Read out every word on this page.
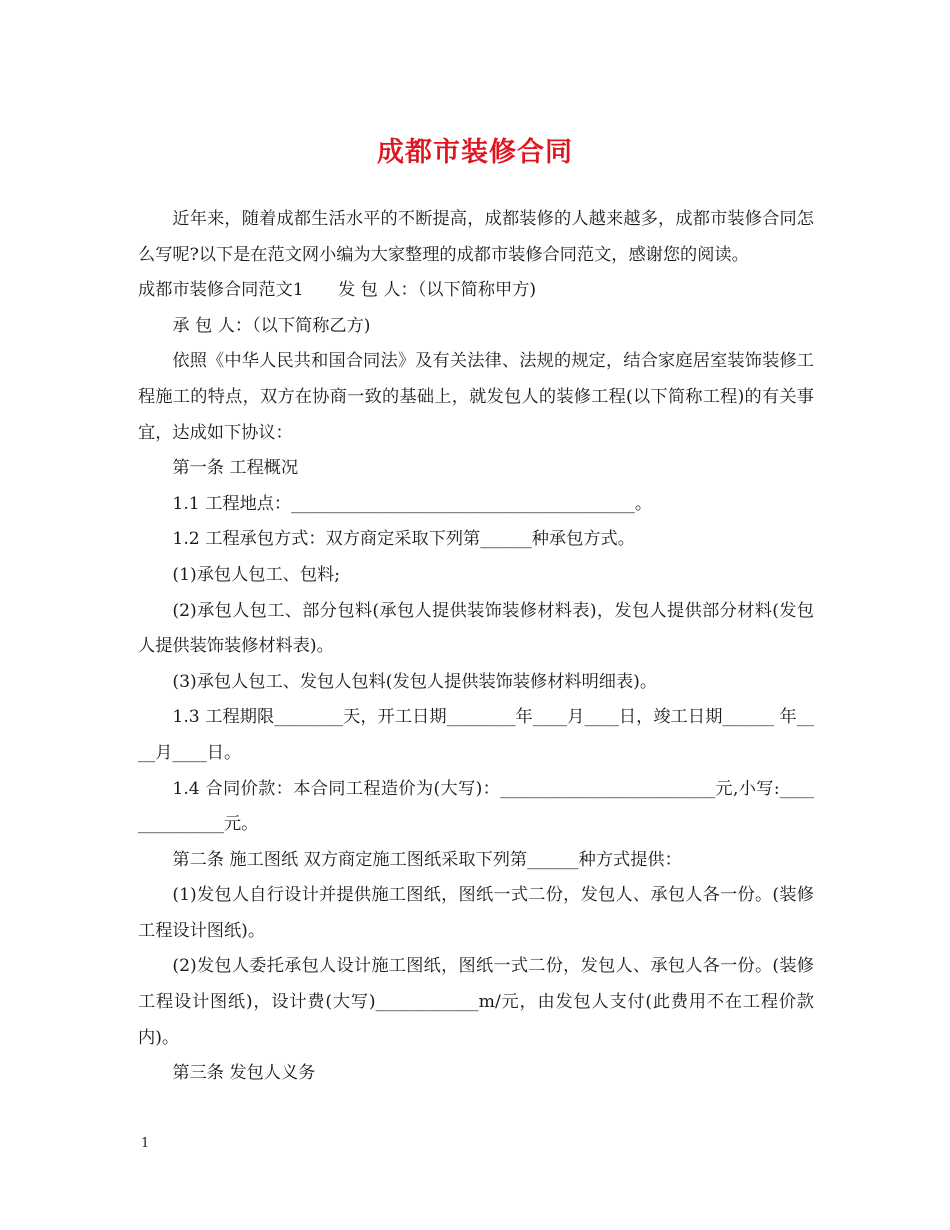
成都市装修合同

近年来，随着成都生活水平的不断提高，成都装修的人越来越多，成都市装修合同怎么写呢?以下是在范文网小编为大家整理的成都市装修合同范文，感谢您的阅读。

成都市装修合同范文1 发 包 人：（以下简称甲方)

承 包 人：（以下简称乙方)

依照《中华人民共和国合同法》及有关法律、法规的规定，结合家庭居室装饰装修工程施工的特点，双方在协商一致的基础上，就发包人的装修工程(以下简称工程)的有关事宜，达成如下协议：

第一条 工程概况

1.1 工程地点：________________________________________。

1.2 工程承包方式：双方商定采取下列第______种承包方式。

(1)承包人包工、包料;

(2)承包人包工、部分包料(承包人提供装饰装修材料表)，发包人提供部分材料(发包人提供装饰装修材料表)。

(3)承包人包工、发包人包料(发包人提供装饰装修材料明细表)。

1.3 工程期限________天，开工日期________年____月____日，竣工日期______ 年____月____日。

1.4 合同价款：本合同工程造价为(大写)：_________________________元,小写:______________元。

第二条 施工图纸 双方商定施工图纸采取下列第______种方式提供：

(1)发包人自行设计并提供施工图纸，图纸一式二份，发包人、承包人各一份。(装修工程设计图纸)。

(2)发包人委托承包人设计施工图纸，图纸一式二份，发包人、承包人各一份。(装修工程设计图纸)，设计费(大写)____________m/元，由发包人支付(此费用不在工程价款内)。

第三条 发包人义务

1
